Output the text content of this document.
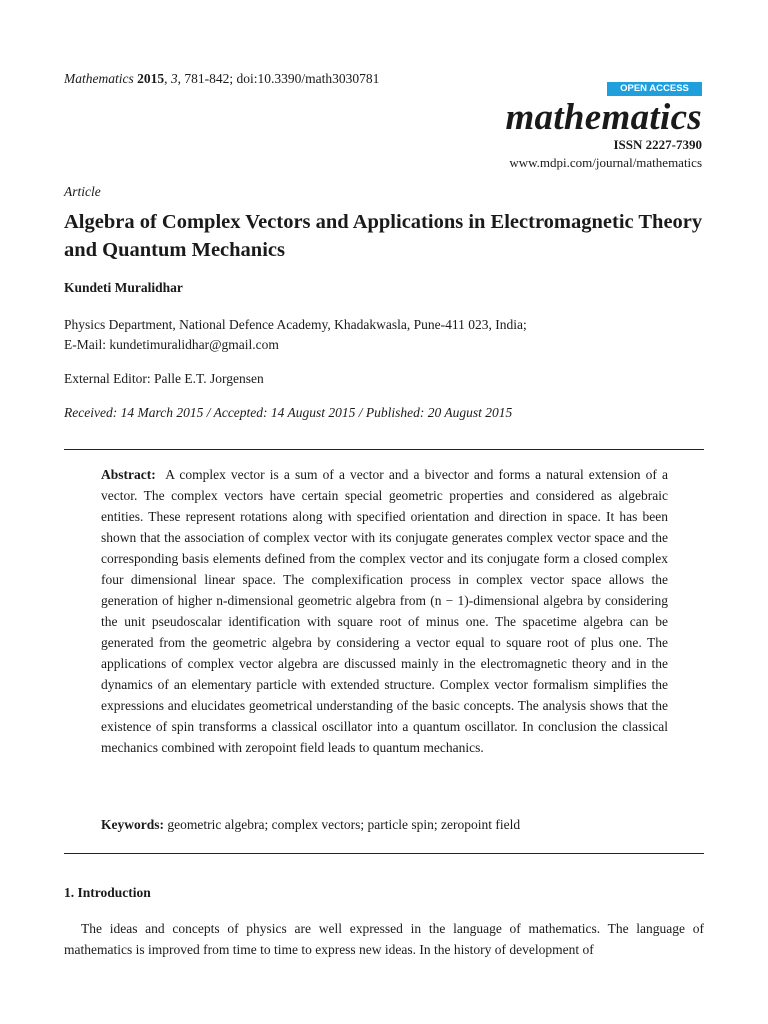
Mathematics 2015, 3, 781-842; doi:10.3390/math3030781
OPEN ACCESS
mathematics
ISSN 2227-7390
www.mdpi.com/journal/mathematics
Article
Algebra of Complex Vectors and Applications in Electromagnetic Theory and Quantum Mechanics
Kundeti Muralidhar
Physics Department, National Defence Academy, Khadakwasla, Pune-411 023, India;
E-Mail: kundetimuralidhar@gmail.com
External Editor: Palle E.T. Jorgensen
Received: 14 March 2015 / Accepted: 14 August 2015 / Published: 20 August 2015
Abstract: A complex vector is a sum of a vector and a bivector and forms a natural extension of a vector. The complex vectors have certain special geometric properties and considered as algebraic entities. These represent rotations along with specified orientation and direction in space. It has been shown that the association of complex vector with its conjugate generates complex vector space and the corresponding basis elements defined from the complex vector and its conjugate form a closed complex four dimensional linear space. The complexification process in complex vector space allows the generation of higher n-dimensional geometric algebra from (n − 1)-dimensional algebra by considering the unit pseudoscalar identification with square root of minus one. The spacetime algebra can be generated from the geometric algebra by considering a vector equal to square root of plus one. The applications of complex vector algebra are discussed mainly in the electromagnetic theory and in the dynamics of an elementary particle with extended structure. Complex vector formalism simplifies the expressions and elucidates geometrical understanding of the basic concepts. The analysis shows that the existence of spin transforms a classical oscillator into a quantum oscillator. In conclusion the classical mechanics combined with zeropoint field leads to quantum mechanics.
Keywords: geometric algebra; complex vectors; particle spin; zeropoint field
1. Introduction
The ideas and concepts of physics are well expressed in the language of mathematics. The language of mathematics is improved from time to time to express new ideas. In the history of development of
